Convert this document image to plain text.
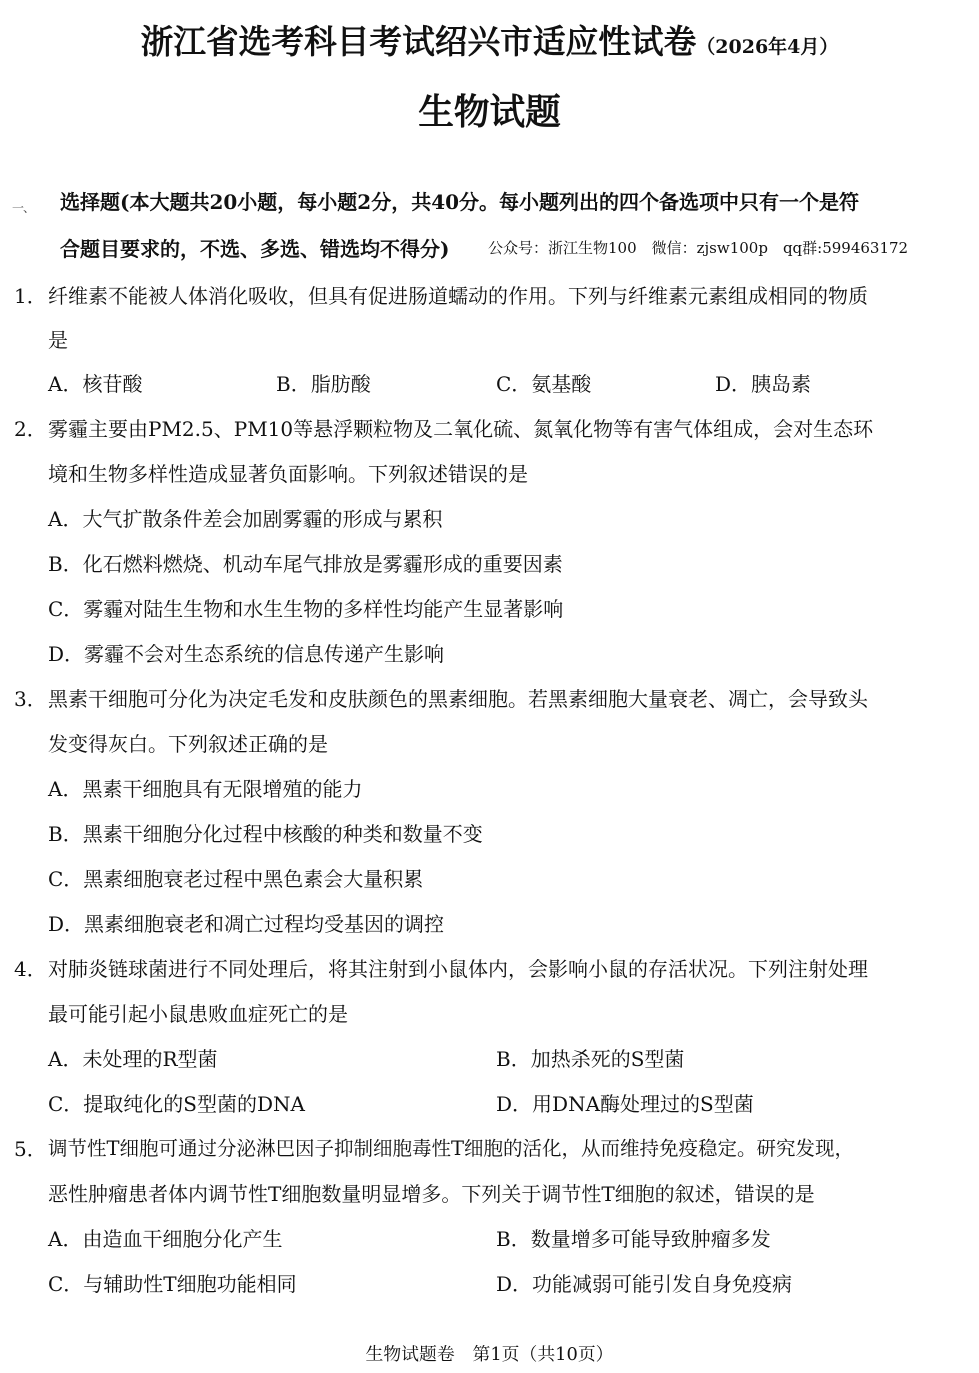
浙江省选考科目考试绍兴市适应性试卷（2026年4月）
生物试题
一、 选择题(本大题共20小题，每小题2分，共40分。每小题列出的四个备选项中只有一个是符
合题目要求的，不选、多选、错选均不得分)	公众号：浙江生物100　微信：zjsw100p　qq群:599463172
1． 纤维素不能被人体消化吸收，但具有促进肠道蠕动的作用。下列与纤维素元素组成相同的物质
是
A．核苷酸	B．脂肪酸	C．氨基酸	D．胰岛素
2． 雾霾主要由PM2.5、PM10等悬浮颗粒物及二氧化硫、氮氧化物等有害气体组成，会对生态环
境和生物多样性造成显著负面影响。下列叙述错误的是
A．大气扩散条件差会加剧雾霾的形成与累积
B．化石燃料燃烧、机动车尾气排放是雾霾形成的重要因素
C．雾霾对陆生生物和水生生物的多样性均能产生显著影响
D．雾霾不会对生态系统的信息传递产生影响
3． 黑素干细胞可分化为决定毛发和皮肤颜色的黑素细胞。若黑素细胞大量衰老、凋亡，会导致头
发变得灰白。下列叙述正确的是
A．黑素干细胞具有无限增殖的能力
B．黑素干细胞分化过程中核酸的种类和数量不变
C．黑素细胞衰老过程中黑色素会大量积累
D．黑素细胞衰老和凋亡过程均受基因的调控
4． 对肺炎链球菌进行不同处理后，将其注射到小鼠体内，会影响小鼠的存活状况。下列注射处理
最可能引起小鼠患败血症死亡的是
A．未处理的R型菌	B．加热杀死的S型菌
C．提取纯化的S型菌的DNA	D．用DNA酶处理过的S型菌
5． 调节性T细胞可通过分泌淋巴因子抑制细胞毒性T细胞的活化，从而维持免疫稳定。研究发现，
恶性肿瘤患者体内调节性T细胞数量明显增多。下列关于调节性T细胞的叙述，错误的是
A．由造血干细胞分化产生	B．数量增多可能导致肿瘤多发
C．与辅助性T细胞功能相同	D．功能减弱可能引发自身免疫病
生物试题卷　第1页（共10页）
